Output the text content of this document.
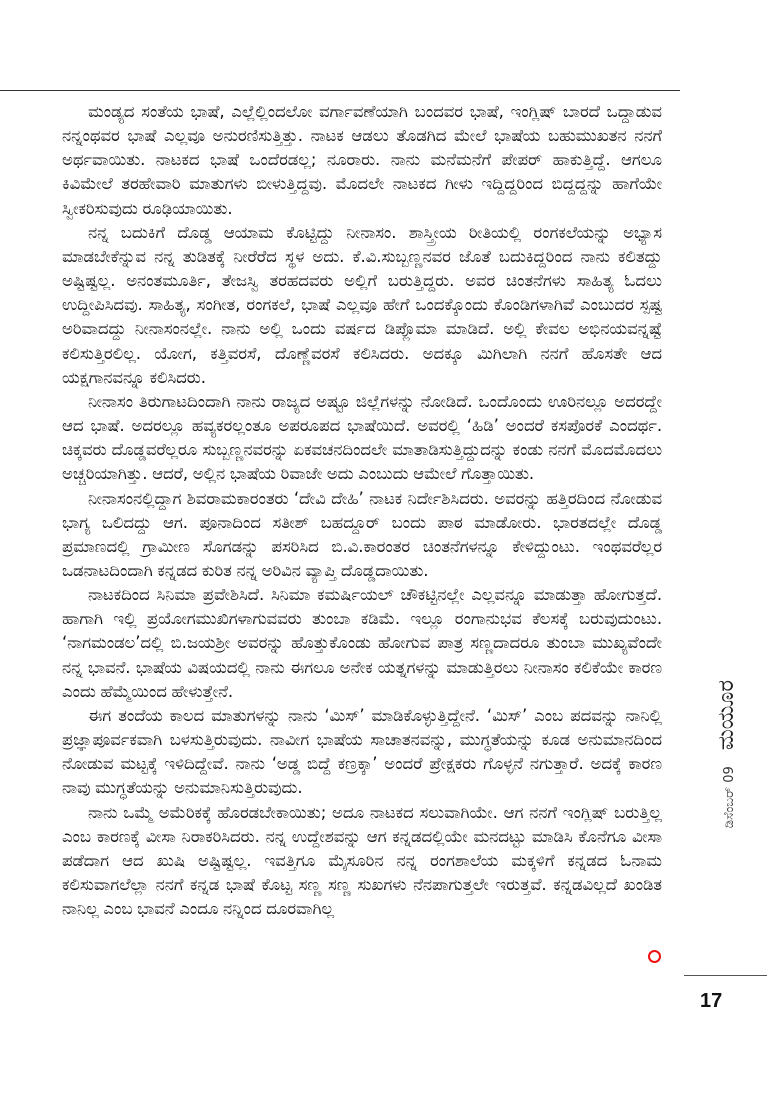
ಮಂಡ್ಯದ ಸಂತೆಯ ಭಾಷೆ, ಎಲ್ಲೆಲ್ಲಿಂದಲೋ ವರ್ಗಾವಣೆಯಾಗಿ ಬಂದವರ ಭಾಷೆ, ಇಂಗ್ಲಿಷ್ ಬಾರದೆ ಒದ್ದಾಡುವ ನನ್ನಂಥವರ ಭಾಷೆ ಎಲ್ಲವೂ ಅನುರಣಿಸುತ್ತಿತ್ತು. ನಾಟಕ ಆಡಲು ತೊಡಗಿದ ಮೇಲೆ ಭಾಷೆಯ ಬಹುಮುಖತನ ನನಗೆ ಅರ್ಥವಾಯಿತು. ನಾಟಕದ ಭಾಷೆ ಒಂದೆರಡಲ್ಲ; ನೂರಾರು. ನಾನು ಮನೆಮನೆಗೆ ಪೇಪರ್ ಹಾಕುತ್ತಿದ್ದೆ. ಆಗಲೂ ಕಿವಿಮೇಲೆ ತರಹೇವಾರಿ ಮಾತುಗಳು ಬೀಳುತ್ತಿದ್ದವು. ಮೊದಲೇ ನಾಟಕದ ಗೀಳು ಇದ್ದಿದ್ದರಿಂದ ಬಿದ್ದದ್ದನ್ನು ಹಾಗೆಯೇ ಸ್ವೀಕರಿಸುವುದು ರೂಢಿಯಾಯಿತು.

ನನ್ನ ಬದುಕಿಗೆ ದೊಡ್ಡ ಆಯಾಮ ಕೊಟ್ಟಿದ್ದು ನೀನಾಸಂ. ಶಾಸ್ತ್ರೀಯ ರೀತಿಯಲ್ಲಿ ರಂಗಕಲೆಯನ್ನು ಅಭ್ಯಾಸ ಮಾಡಬೇಕೆನ್ನುವ ನನ್ನ ತುಡಿತಕ್ಕೆ ನೀರೆರೆದ ಸ್ಥಳ ಅದು. ಕೆ.ವಿ.ಸುಬ್ಬಣ್ಣನವರ ಜೊತೆ ಬದುಕಿದ್ದರಿಂದ ನಾನು ಕಲಿತದ್ದು ಅಷ್ಟಿಷ್ಟಲ್ಲ. ಅನಂತಮೂರ್ತಿ, ತೇಜಸ್ವಿ ತರಹದವರು ಅಲ್ಲಿಗೆ ಬರುತ್ತಿದ್ದರು. ಅವರ ಚಿಂತನೆಗಳು ಸಾಹಿತ್ಯ ಓದಲು ಉದ್ದೀಪಿಸಿದವು. ಸಾಹಿತ್ಯ, ಸಂಗೀತ, ರಂಗಕಲೆ, ಭಾಷೆ ಎಲ್ಲವೂ ಹೇಗೆ ಒಂದಕ್ಕೊಂದು ಕೊಂಡಿಗಳಾಗಿವೆ ಎಂಬುದರ ಸ್ಪಷ್ಟ ಅರಿವಾದದ್ದು ನೀನಾಸಂನಲ್ಲೇ. ನಾನು ಅಲ್ಲಿ ಒಂದು ವರ್ಷದ ಡಿಪ್ಲೊಮಾ ಮಾಡಿದೆ. ಅಲ್ಲಿ ಕೇವಲ ಅಭಿನಯವನ್ನಷ್ಟೆ ಕಲಿಸುತ್ತಿರಲಿಲ್ಲ. ಯೋಗ, ಕತ್ತಿವರಸೆ, ದೊಣ್ಣೆವರಸೆ ಕಲಿಸಿದರು. ಅದಕ್ಕೂ ಮಿಗಿಲಾಗಿ ನನಗೆ ಹೊಸತೇ ಆದ ಯಕ್ಷಗಾನವನ್ನೂ ಕಲಿಸಿದರು.

ನೀನಾಸಂ ತಿರುಗಾಟದಿಂದಾಗಿ ನಾನು ರಾಜ್ಯದ ಅಷ್ಟೂ ಜಿಲ್ಲೆಗಳನ್ನು ನೋಡಿದೆ. ಒಂದೊಂದು ಊರಿನಲ್ಲೂ ಅದರದ್ದೇ ಆದ ಭಾಷೆ. ಅದರಲ್ಲೂ ಹವ್ಯಕರಲ್ಲಂತೂ ಅಪರೂಪದ ಭಾಷೆಯಿದೆ. ಅವರಲ್ಲಿ ‘ಹಿಡಿ’ ಅಂದರೆ ಕಸಪೊರಕೆ ಎಂದರ್ಥ. ಚಿಕ್ಕವರು ದೊಡ್ಡವರೆಲ್ಲರೂ ಸುಬ್ಬಣ್ಣನವರನ್ನು ಏಕವಚನದಿಂದಲೇ ಮಾತಾಡಿಸುತ್ತಿದ್ದುದನ್ನು ಕಂಡು ನನಗೆ ಮೊದಮೊದಲು ಅಚ್ಚರಿಯಾಗಿತ್ತು. ಆದರೆ, ಅಲ್ಲಿನ ಭಾಷೆಯ ರಿವಾಜೇ ಅದು ಎಂಬುದು ಆಮೇಲೆ ಗೊತ್ತಾಯಿತು.

ನೀನಾಸಂನಲ್ಲಿದ್ದಾಗ ಶಿವರಾಮಕಾರಂತರು ‘ದೇವಿ ದೇಹಿ’ ನಾಟಕ ನಿರ್ದೇಶಿಸಿದರು. ಅವರನ್ನು ಹತ್ತಿರದಿಂದ ನೋಡುವ ಭಾಗ್ಯ ಒಲಿದದ್ದು ಆಗ. ಪೂನಾದಿಂದ ಸತೀಶ್ ಬಹದ್ದೂರ್ ಬಂದು ಪಾಠ ಮಾಡೋರು. ಭಾರತದಲ್ಲೇ ದೊಡ್ಡ ಪ್ರಮಾಣದಲ್ಲಿ ಗ್ರಾಮೀಣ ಸೊಗಡನ್ನು ಪಸರಿಸಿದ ಬಿ.ವಿ.ಕಾರಂತರ ಚಿಂತನೆಗಳನ್ನೂ ಕೇಳಿದ್ದುಂಟು. ಇಂಥವರೆಲ್ಲರ ಒಡನಾಟದಿಂದಾಗಿ ಕನ್ನಡದ ಕುರಿತ ನನ್ನ ಅರಿವಿನ ವ್ಯಾಪ್ತಿ ದೊಡ್ಡದಾಯಿತು.

ನಾಟಕದಿಂದ ಸಿನಿಮಾ ಪ್ರವೇಶಿಸಿದೆ. ಸಿನಿಮಾ ಕಮರ್ಷಿಯಲ್ ಚೌಕಟ್ಟಿನಲ್ಲೇ ಎಲ್ಲವನ್ನೂ ಮಾಡುತ್ತಾ ಹೋಗುತ್ತದೆ. ಹಾಗಾಗಿ ಇಲ್ಲಿ ಪ್ರಯೋಗಮುಖಿಗಳಾಗುವವರು ತುಂಬಾ ಕಡಿಮೆ. ಇಲ್ಲೂ ರಂಗಾನುಭವ ಕೆಲಸಕ್ಕೆ ಬರುವುದುಂಟು. ‘ನಾಗಮಂಡಲ’ದಲ್ಲಿ ಬಿ.ಜಯಶ್ರೀ ಅವರನ್ನು ಹೊತ್ತುಕೊಂಡು ಹೋಗುವ ಪಾತ್ರ ಸಣ್ಣದಾದರೂ ತುಂಬಾ ಮುಖ್ಯವೆಂದೇ ನನ್ನ ಭಾವನೆ. ಭಾಷೆಯ ವಿಷಯದಲ್ಲಿ ನಾನು ಈಗಲೂ ಅನೇಕ ಯತ್ನಗಳನ್ನು ಮಾಡುತ್ತಿರಲು ನೀನಾಸಂ ಕಲಿಕೆಯೇ ಕಾರಣ ಎಂದು ಹೆಮ್ಮೆಯಿಂದ ಹೇಳುತ್ತೇನೆ.

ಈಗ ತಂದೆಯ ಕಾಲದ ಮಾತುಗಳನ್ನು ನಾನು ‘ಮಿಸ್’ ಮಾಡಿಕೊಳ್ಳುತ್ತಿದ್ದೇನೆ. ‘ಮಿಸ್’ ಎಂಬ ಪದವನ್ನು ನಾನಿಲ್ಲಿ ಪ್ರಜ್ಞಾಪೂರ್ವಕವಾಗಿ ಬಳಸುತ್ತಿರುವುದು. ನಾವೀಗ ಭಾಷೆಯ ಸಾಚಾತನವನ್ನು, ಮುಗ್ಧತೆಯನ್ನು ಕೂಡ ಅನುಮಾನದಿಂದ ನೋಡುವ ಮಟ್ಟಕ್ಕೆ ಇಳಿದಿದ್ದೇವೆ. ನಾನು ‘ಅಡ್ಡ ಬಿದ್ದೆ ಕಣ್ರಕ್ಕಾ’ ಅಂದರೆ ಪ್ರೇಕ್ಷಕರು ಗೊಳ್ಳನೆ ನಗುತ್ತಾರೆ. ಅದಕ್ಕೆ ಕಾರಣ ನಾವು ಮುಗ್ಧತೆಯನ್ನು ಅನುಮಾನಿಸುತ್ತಿರುವುದು.

ನಾನು ಒಮ್ಮೆ ಅಮೆರಿಕಕ್ಕೆ ಹೊರಡಬೇಕಾಯಿತು; ಅದೂ ನಾಟಕದ ಸಲುವಾಗಿಯೇ. ಆಗ ನನಗೆ ಇಂಗ್ಲಿಷ್ ಬರುತ್ತಿಲ್ಲ ಎಂಬ ಕಾರಣಕ್ಕೆ ವೀಸಾ ನಿರಾಕರಿಸಿದರು. ನನ್ನ ಉದ್ದೇಶವನ್ನು ಆಗ ಕನ್ನಡದಲ್ಲಿಯೇ ಮನದಟ್ಟು ಮಾಡಿಸಿ ಕೊನೆಗೂ ವೀಸಾ ಪಡೆದಾಗ ಆದ ಖುಷಿ ಅಷ್ಟಿಷ್ಟಲ್ಲ. ಇವತ್ತಿಗೂ ಮೈಸೂರಿನ ನನ್ನ ರಂಗಶಾಲೆಯ ಮಕ್ಕಳಿಗೆ ಕನ್ನಡದ ಓನಾಮ ಕಲಿಸುವಾಗಲೆಲ್ಲಾ ನನಗೆ ಕನ್ನಡ ಭಾಷೆ ಕೊಟ್ಟ ಸಣ್ಣ ಸಣ್ಣ ಸುಖಗಳು ನೆನಪಾಗುತ್ತಲೇ ಇರುತ್ತವೆ. ಕನ್ನಡವಿಲ್ಲದೆ ಖಂಡಿತ ನಾನಿಲ್ಲ ಎಂಬ ಭಾವನೆ ಎಂದೂ ನನ್ನಿಂದ ದೂರವಾಗಿಲ್ಲ

ಡಿಸೆಂಬರ್ 09
ಮಯೂರ
17
